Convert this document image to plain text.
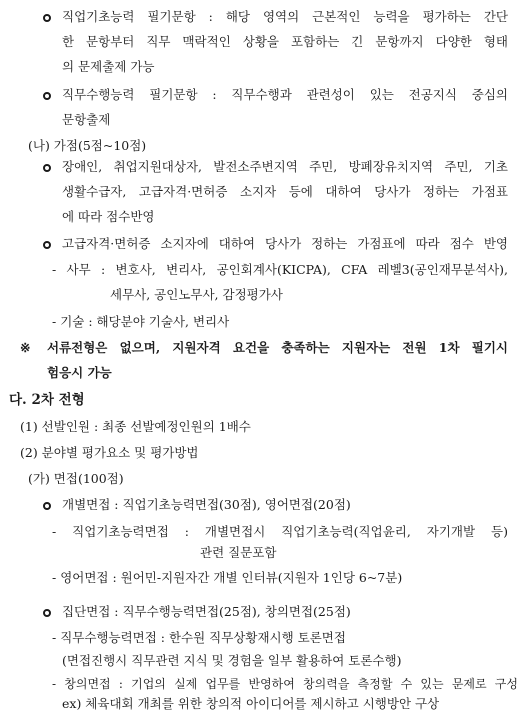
직업기초능력 필기문항 : 해당 영역의 근본적인 능력을 평가하는 간단
한 문항부터 직무 맥락적인 상황을 포함하는 긴 문항까지 다양한 형태
의 문제출제 가능
직무수행능력 필기문항 : 직무수행과 관련성이 있는 전공지식 중심의
문항출제
(나) 가점(5점~10점)
장애인, 취업지원대상자, 발전소주변지역 주민, 방폐장유치지역 주민, 기초
생활수급자, 고급자격·면허증 소지자 등에 대하여 당사가 정하는 가점표
에 따라 점수반영
고급자격·면허증 소지자에 대하여 당사가 정하는 가점표에 따라 점수 반영
- 사무 : 변호사, 변리사, 공인회계사(KICPA), CFA 레벨3(공인재무분석사),
세무사, 공인노무사, 감정평가사
- 기술 : 해당분야 기술사, 변리사
※ 서류전형은 없으며, 지원자격 요건을 충족하는 지원자는 전원 1차 필기시
험응시 가능
다. 2차 전형
(1) 선발인원 : 최종 선발예정인원의 1배수
(2) 분야별 평가요소 및 평가방법
(가) 면접(100점)
개별면접 : 직업기초능력면접(30점), 영어면접(20점)
- 직업기초능력면접 : 개별면접시 직업기초능력(직업윤리, 자기개발 등)
관련 질문포함
- 영어면접 : 원어민-지원자간 개별 인터뷰(지원자 1인당 6~7분)
집단면접 : 직무수행능력면접(25점), 창의면접(25점)
- 직무수행능력면접 : 한수원 직무상황재시행 토론면접
(면접진행시 직무관련 지식 및 경험을 일부 활용하여 토론수행)
- 창의면접 : 기업의 실제 업무를 반영하여 창의력을 측정할 수 있는 문제로 구성
ex) 체육대회 개최를 위한 창의적 아이디어를 제시하고 시행방안 구상
